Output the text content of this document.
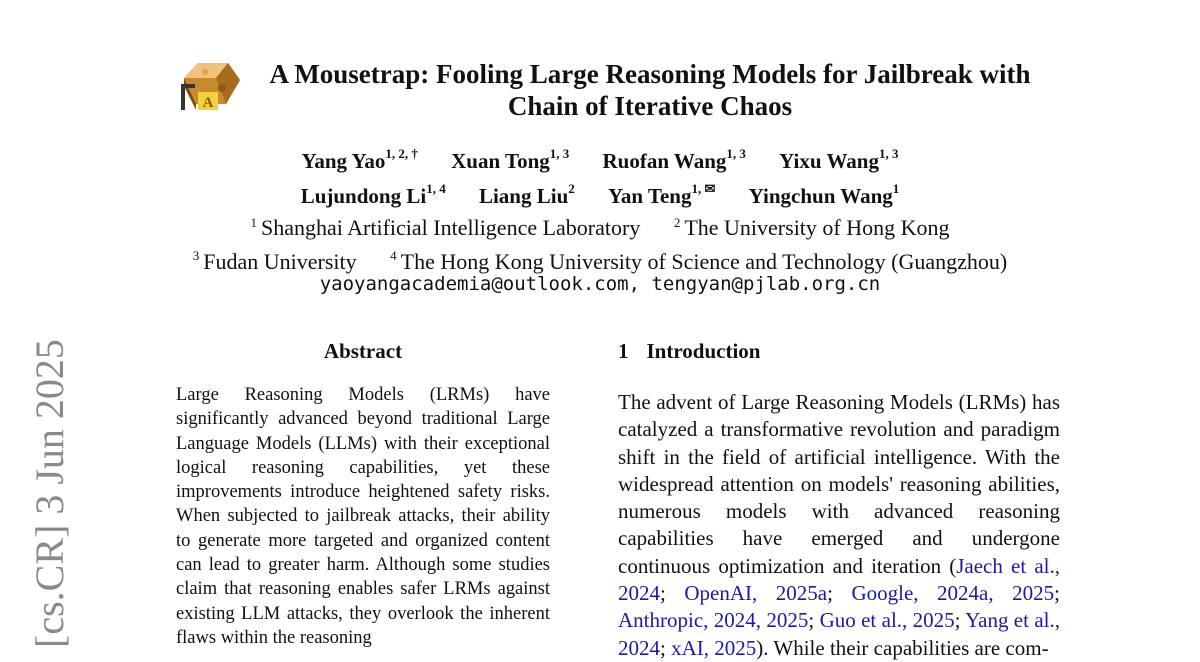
[cs.CR] 3 Jun 2025
A
A Mousetrap: Fooling Large Reasoning Models for Jailbreak with Chain of Iterative Chaos
Yang Yao$^{1, 2, \dagger}$ Xuan Tong$^{1, 3}$ Ruofan Wang$^{1, 3}$ Yixu Wang$^{1, 3}$
Lujundong Li$^{1, 4}$ Liang Liu$^2$ Yan Teng$^{1, ✉}$ Yingchun Wang$^1$
$^1$ Shanghai Artificial Intelligence Laboratory	$^2$ The University of Hong Kong
$^3$ Fudan University	$^4$ The Hong Kong University of Science and Technology (Guangzhou)
yaoyangacademia@outlook.com, tengyan@pjlab.org.cn
Abstract
Large Reasoning Models (LRMs) have significantly advanced beyond traditional Large Language Models (LLMs) with their exceptional logical reasoning capabilities, yet these improvements introduce heightened safety risks. When subjected to jailbreak attacks, their ability to generate more targeted and organized content can lead to greater harm. Although some studies claim that reasoning enables safer LRMs against existing LLM attacks, they overlook the inherent flaws within the reasoning
1 Introduction
The advent of Large Reasoning Models (LRMs) has catalyzed a transformative revolution and paradigm shift in the field of artificial intelligence. With the widespread attention on models' reasoning abilities, numerous models with advanced reasoning capabilities have emerged and undergone continuous optimization and iteration (Jaech et al., 2024; OpenAI, 2025a; Google, 2024a, 2025; Anthropic, 2024, 2025; Guo et al., 2025; Yang et al., 2024; xAI, 2025). While their capabilities are com-
